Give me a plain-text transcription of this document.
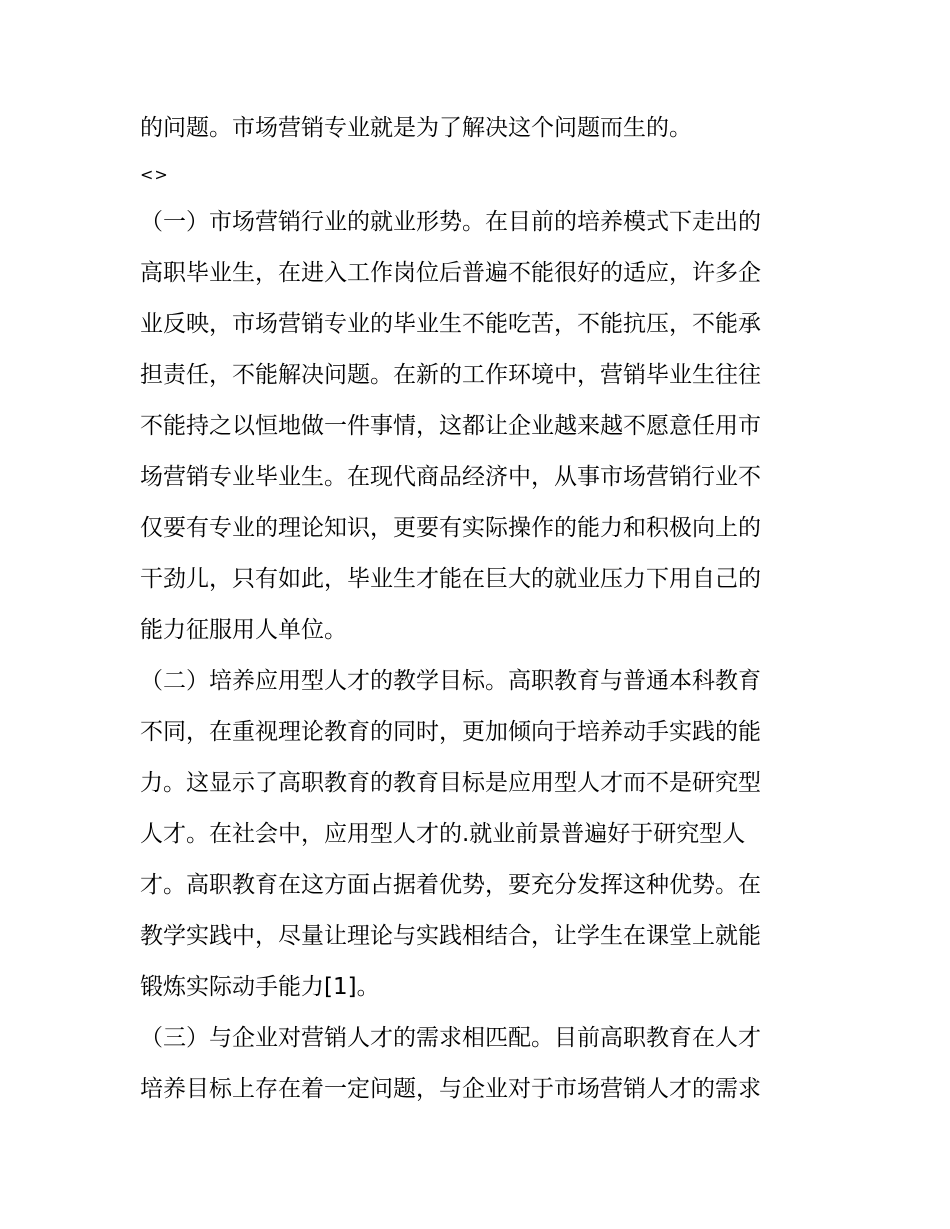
的问题。市场营销专业就是为了解决这个问题而生的。
<>
（一）市场营销行业的就业形势。在目前的培养模式下走出的
高职毕业生，在进入工作岗位后普遍不能很好的适应，许多企
业反映，市场营销专业的毕业生不能吃苦，不能抗压，不能承
担责任，不能解决问题。在新的工作环境中，营销毕业生往往
不能持之以恒地做一件事情，这都让企业越来越不愿意任用市
场营销专业毕业生。在现代商品经济中，从事市场营销行业不
仅要有专业的理论知识，更要有实际操作的能力和积极向上的
干劲儿，只有如此，毕业生才能在巨大的就业压力下用自己的
能力征服用人单位。
（二）培养应用型人才的教学目标。高职教育与普通本科教育
不同，在重视理论教育的同时，更加倾向于培养动手实践的能
力。这显示了高职教育的教育目标是应用型人才而不是研究型
人才。在社会中，应用型人才的.就业前景普遍好于研究型人
才。高职教育在这方面占据着优势，要充分发挥这种优势。在
教学实践中，尽量让理论与实践相结合，让学生在课堂上就能
锻炼实际动手能力[1]。
（三）与企业对营销人才的需求相匹配。目前高职教育在人才
培养目标上存在着一定问题，与企业对于市场营销人才的需求
